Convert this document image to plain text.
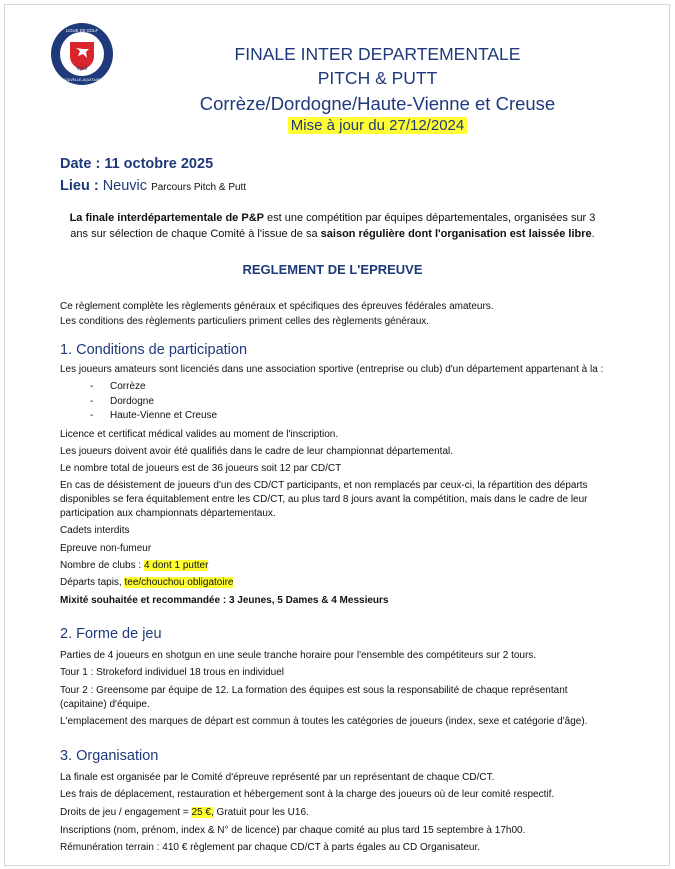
flgolf
LIGUE DE GOLF
NOUVELLE-AQUITAINE
FINALE INTER DEPARTEMENTALE
PITCH & PUTT
Corrèze/Dordogne/Haute-Vienne et Creuse
Mise à jour du 27/12/2024
Date : 11 octobre 2025
Lieu : Neuvic Parcours Pitch & Putt
La finale interdépartementale de P&P est une compétition par équipes départementales, organisées sur 3 ans sur sélection de chaque Comité à l'issue de sa saison régulière dont l'organisation est laissée libre.
REGLEMENT DE L'EPREUVE
Ce règlement complète les règlements généraux et spécifiques des épreuves fédérales amateurs.
Les conditions des règlements particuliers priment celles des règlements généraux.
1. Conditions de participation
Les joueurs amateurs sont licenciés dans une association sportive (entreprise ou club) d'un département appartenant à la :
- Corrèze
- Dordogne
- Haute-Vienne et Creuse
Licence et certificat médical valides au moment de l'inscription.
Les joueurs doivent avoir été qualifiés dans le cadre de leur championnat départemental.
Le nombre total de joueurs est de 36 joueurs soit 12 par CD/CT
En cas de désistement de joueurs d'un des CD/CT participants, et non remplacés par ceux-ci, la répartition des départs disponibles se fera équitablement entre les CD/CT, au plus tard 8 jours avant la compétition, mais dans le cadre de leur participation aux championnats départementaux.
Cadets interdits
Epreuve non-fumeur
Nombre de clubs : 4 dont 1 putter
Départs tapis, tee/chouchou obligatoire
Mixité souhaitée et recommandée : 3 Jeunes, 5 Dames & 4 Messieurs
2. Forme de jeu
Parties de 4 joueurs en shotgun en une seule tranche horaire pour l'ensemble des compétiteurs sur 2 tours.
Tour 1 : Strokeford individuel 18 trous en individuel
Tour 2 : Greensome par équipe de 12. La formation des équipes est sous la responsabilité de chaque représentant (capitaine) d'équipe.
L'emplacement des marques de départ est commun à toutes les catégories de joueurs (index, sexe et catégorie d'âge).
3. Organisation
La finale est organisée par le Comité d'épreuve représenté par un représentant de chaque CD/CT.
Les frais de déplacement, restauration et hébergement sont à la charge des joueurs où de leur comité respectif.
Droits de jeu / engagement = 25 €, Gratuit pour les U16.
Inscriptions (nom, prénom, index & N° de licence) par chaque comité au plus tard 15 septembre à 17h00.
Rémunération terrain : 410 € règlement par chaque CD/CT à parts égales au CD Organisateur.
